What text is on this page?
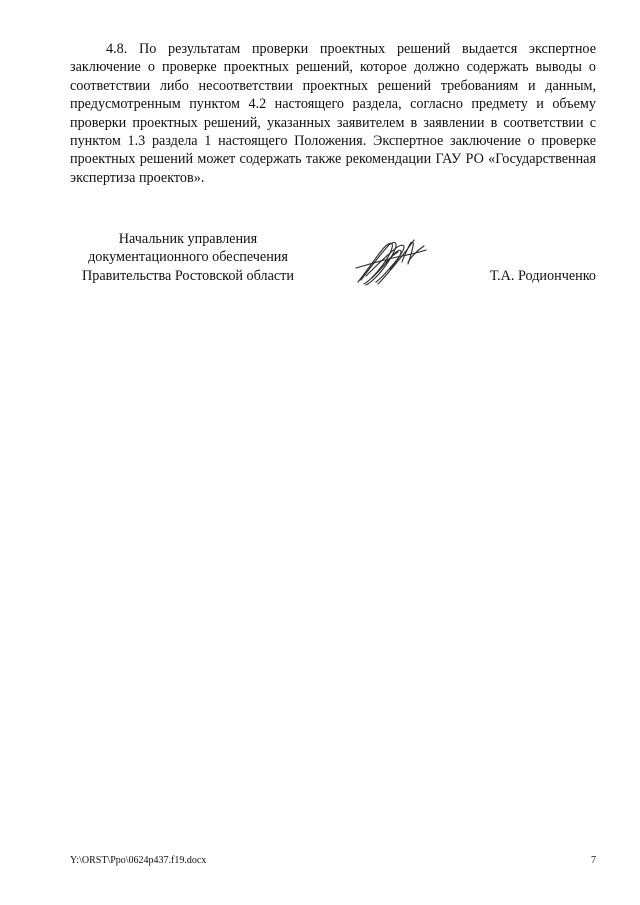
4.8. По результатам проверки проектных решений выдается экспертное заключение о проверке проектных решений, которое должно содержать выводы о соответствии либо несоответствии проектных решений требованиям и данным, предусмотренным пунктом 4.2 настоящего раздела, согласно предмету и объему проверки проектных решений, указанных заявителем в заявлении в соответствии с пунктом 1.3 раздела 1 настоящего Положения. Экспертное заключение о проверке проектных решений может содержать также рекомендации ГАУ РО «Государственная экспертиза проектов».

Начальник управления
документационного обеспечения
Правительства Ростовской области	Т.А. Родионченко
Y:\ORST\Ppo\0624p437.f19.docx	7
